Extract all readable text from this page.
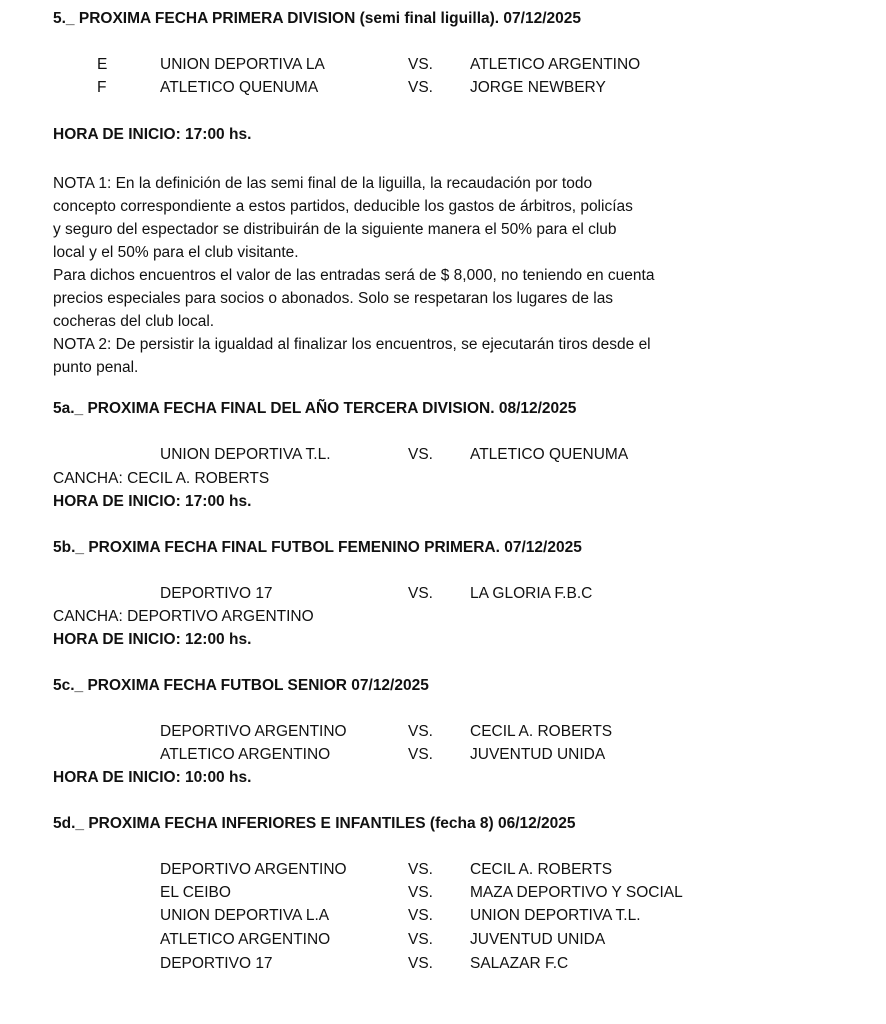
5._ PROXIMA FECHA PRIMERA DIVISION (semi final liguilla). 07/12/2025
E	UNION DEPORTIVA LA	VS. ATLETICO ARGENTINO
F	ATLETICO QUENUMA	VS. JORGE NEWBERY
HORA DE INICIO: 17:00 hs.

NOTA 1: En la definición de las semi final de la liguilla, la recaudación por todo

concepto correspondiente a estos partidos, deducible los gastos de árbitros, policías

y seguro del espectador se distribuirán de la siguiente manera el 50% para el club

local y el 50% para el club visitante.

Para dichos encuentros el valor de las entradas será de $ 8,000, no teniendo en cuenta

precios especiales para socios o abonados. Solo se respetaran los lugares de las

cocheras del club local.

NOTA 2: De persistir la igualdad al finalizar los encuentros, se ejecutarán tiros desde el

punto penal.

5a._ PROXIMA FECHA FINAL DEL AÑO TERCERA DIVISION. 08/12/2025
UNION DEPORTIVA T.L.	VS. ATLETICO QUENUMA
CANCHA: CECIL A. ROBERTS
HORA DE INICIO: 17:00 hs.
5b._ PROXIMA FECHA FINAL FUTBOL FEMENINO PRIMERA. 07/12/2025
DEPORTIVO 17	VS. LA GLORIA F.B.C
CANCHA: DEPORTIVO ARGENTINO
HORA DE INICIO: 12:00 hs.
5c._ PROXIMA FECHA FUTBOL SENIOR 07/12/2025
DEPORTIVO ARGENTINO	VS. CECIL A. ROBERTS
ATLETICO ARGENTINO	VS. JUVENTUD UNIDA
HORA DE INICIO: 10:00 hs.
5d._ PROXIMA FECHA INFERIORES E INFANTILES (fecha 8) 06/12/2025
DEPORTIVO ARGENTINO	VS. CECIL A. ROBERTS
EL CEIBO	VS. MAZA DEPORTIVO Y SOCIAL
UNION DEPORTIVA L.A	VS. UNION DEPORTIVA T.L.
ATLETICO ARGENTINO	VS. JUVENTUD UNIDA
DEPORTIVO 17	VS. SALAZAR F.C
